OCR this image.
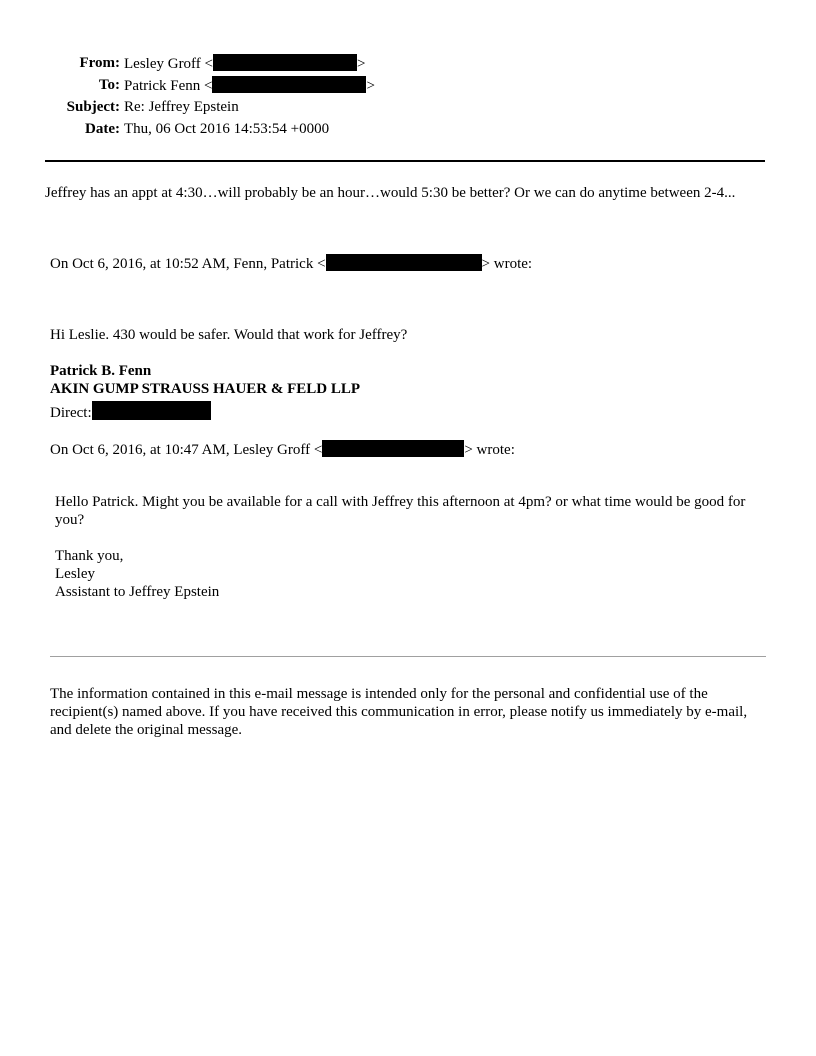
From: Lesley Groff <	>
To: Patrick Fenn <	>
Subject: Re: Jeffrey Epstein
Date: Thu, 06 Oct 2016 14:53:54 +0000
Jeffrey has an appt at 4:30…will probably be an hour…would 5:30 be better? Or we can do anytime between 2-4...
On Oct 6, 2016, at 10:52 AM, Fenn, Patrick <	> wrote:
Hi Leslie. 430 would be safer. Would that work for Jeffrey?
Patrick B. Fenn
AKIN GUMP STRAUSS HAUER & FELD LLP
Direct:
On Oct 6, 2016, at 10:47 AM, Lesley Groff <	> wrote:
Hello Patrick. Might you be available for a call with Jeffrey this afternoon at 4pm? or what time would be good for you?
Thank you,
Lesley
Assistant to Jeffrey Epstein
The information contained in this e-mail message is intended only for the personal and confidential use of the recipient(s) named above. If you have received this communication in error, please notify us immediately by e-mail, and delete the original message.
